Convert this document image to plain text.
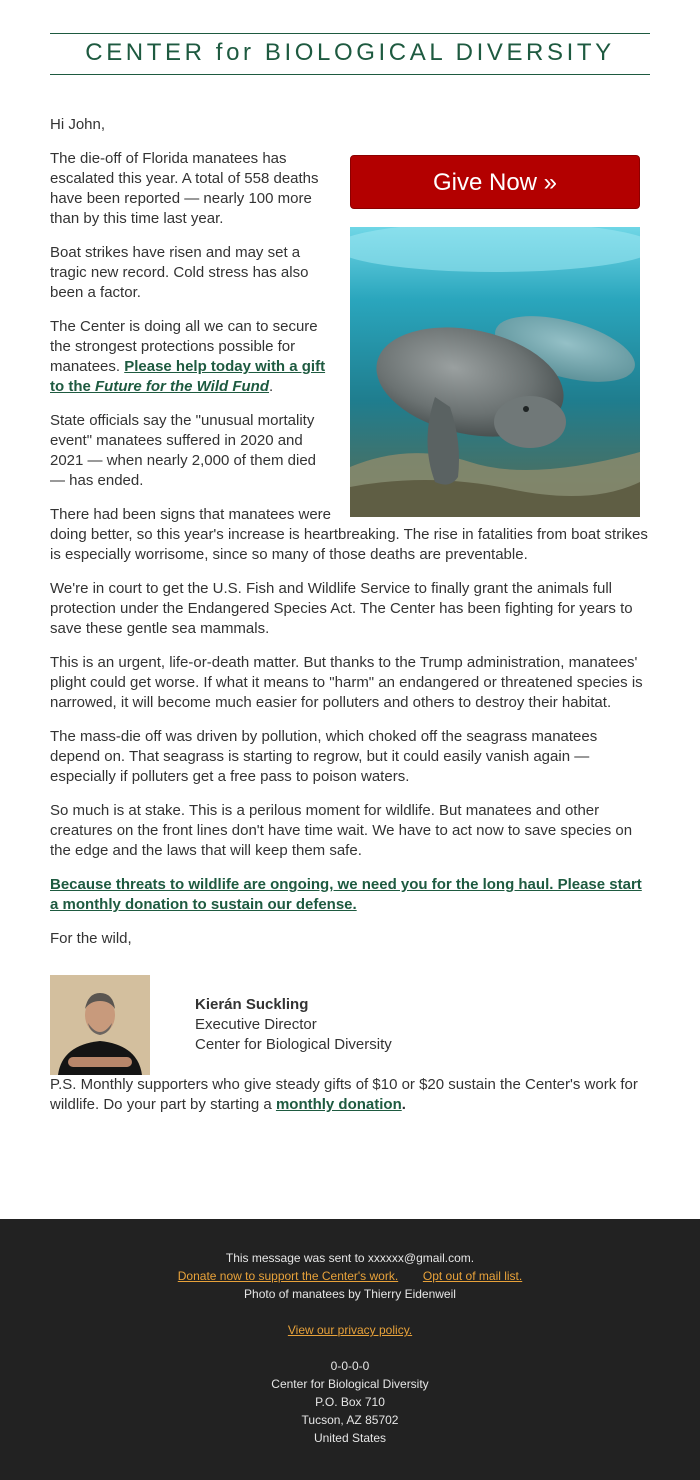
CENTER for BIOLOGICAL DIVERSITY

Hi John,

Give Now »

The die-off of Florida manatees has escalated this year. A total of 558 deaths have been reported — nearly 100 more than by this time last year.

Boat strikes have risen and may set a tragic new record. Cold stress has also been a factor.

The Center is doing all we can to secure the strongest protections possible for manatees. Please help today with a gift to the Future for the Wild Fund.

State officials say the "unusual mortality event" manatees suffered in 2020 and 2021 — when nearly 2,000 of them died — has ended.

There had been signs that manatees were doing better, so this year's increase is heartbreaking. The rise in fatalities from boat strikes is especially worrisome, since so many of those deaths are preventable.

We're in court to get the U.S. Fish and Wildlife Service to finally grant the animals full protection under the Endangered Species Act. The Center has been fighting for years to save these gentle sea mammals.

This is an urgent, life-or-death matter. But thanks to the Trump administration, manatees' plight could get worse. If what it means to "harm" an endangered or threatened species is narrowed, it will become much easier for polluters and others to destroy their habitat.

The mass-die off was driven by pollution, which choked off the seagrass manatees depend on. That seagrass is starting to regrow, but it could easily vanish again — especially if polluters get a free pass to poison waters.

So much is at stake. This is a perilous moment for wildlife. But manatees and other creatures on the front lines don't have time wait. We have to act now to save species on the edge and the laws that will keep them safe.

Because threats to wildlife are ongoing, we need you for the long haul. Please start a monthly donation to sustain our defense.

For the wild,

Kierán Suckling
Executive Director
Center for Biological Diversity

P.S. Monthly supporters who give steady gifts of $10 or $20 sustain the Center's work for wildlife. Do your part by starting a monthly donation.

This message was sent to xxxxxx@gmail.com.
Donate now to support the Center's work. Opt out of mail list.
Photo of manatees by Thierry Eidenweil
View our privacy policy.
0-0-0-0
Center for Biological Diversity
P.O. Box 710
Tucson, AZ 85702
United States
